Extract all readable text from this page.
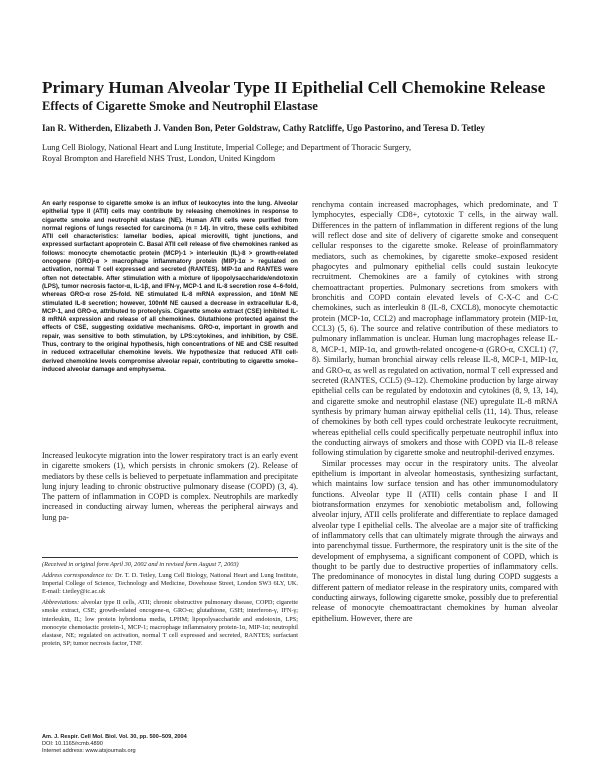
Primary Human Alveolar Type II Epithelial Cell Chemokine Release
Effects of Cigarette Smoke and Neutrophil Elastase

Ian R. Witherden, Elizabeth J. Vanden Bon, Peter Goldstraw, Cathy Ratcliffe, Ugo Pastorino, and Teresa D. Tetley

Lung Cell Biology, National Heart and Lung Institute, Imperial College; and Department of Thoracic Surgery,
Royal Brompton and Harefield NHS Trust, London, United Kingdom

An early response to cigarette smoke is an influx of leukocytes into the lung. Alveolar epithelial type II (ATII) cells may contribute by releasing chemokines in response to cigarette smoke and neutrophil elastase (NE). Human ATII cells were purified from normal regions of lungs resected for carcinoma (n = 14). In vitro, these cells exhibited ATII cell characteristics: lamellar bodies, apical microvilli, tight junctions, and expressed surfactant apoprotein C. Basal ATII cell release of five chemokines ranked as follows: monocyte chemotactic protein (MCP)-1 > interleukin (IL)-8 > growth-related oncogene (GRO)-α > macrophage inflammatory protein (MIP)-1α > regulated on activation, normal T cell expressed and secreted (RANTES). MIP-1α and RANTES were often not detectable. After stimulation with a mixture of lipopolysaccharide/endotoxin (LPS), tumor necrosis factor-α, IL-1β, and IFN-γ, MCP-1 and IL-8 secretion rose 4–6-fold, whereas GRO-α rose 25-fold. NE stimulated IL-8 mRNA expression, and 10nM NE stimulated IL-8 secretion; however, 100nM NE caused a decrease in extracellular IL-8, MCP-1, and GRO-α, attributed to proteolysis. Cigarette smoke extract (CSE) inhibited IL-8 mRNA expression and release of all chemokines. Glutathione protected against the effects of CSE, suggesting oxidative mechanisms. GRO-α, important in growth and repair, was sensitive to both stimulation, by LPS:cytokines, and inhibition, by CSE. Thus, contrary to the original hypothesis, high concentrations of NE and CSE resulted in reduced extracellular chemokine levels. We hypothesize that reduced ATII cell-derived chemokine levels compromise alveolar repair, contributing to cigarette smoke–induced alveolar damage and emphysema.

Increased leukocyte migration into the lower respiratory tract is an early event in cigarette smokers (1), which persists in chronic smokers (2). Release of mediators by these cells is believed to perpetuate inflammation and precipitate lung injury leading to chronic obstructive pulmonary disease (COPD) (3, 4). The pattern of inflammation in COPD is complex. Neutrophils are markedly increased in conducting airway lumen, whereas the peripheral airways and lung pa-

(Received in original form April 30, 2002 and in revised form August 7, 2003)

Address correspondence to: Dr. T. D. Tetley, Lung Cell Biology, National Heart and Lung Institute, Imperial College of Science, Technology and Medicine, Dovehouse Street, London SW3 6LY, UK. E-mail: t.tetley@ic.ac.uk

Abbreviations: alveolar type II cells, ATII; chronic obstructive pulmonary disease, COPD; cigarette smoke extract, CSE; growth-related oncogene-α, GRO-α; glutathione, GSH; interferon-γ, IFN-γ; interleukin, IL; low protein hybridoma media, LPHM; lipopolysaccharide and endotoxin, LPS; monocyte chemotactic protein-1, MCP-1; macrophage inflammatory protein-1α, MIP-1α; neutrophil elastase, NE; regulated on activation, normal T cell expressed and secreted, RANTES; surfactant protein, SP; tumor necrosis factor, TNF.

Am. J. Respir. Cell Mol. Biol. Vol. 30, pp. 500–509, 2004
DOI: 10.1165/rcmb.4890
Internet address: www.atsjournals.org

renchyma contain increased macrophages, which predominate, and T lymphocytes, especially CD8+, cytotoxic T cells, in the airway wall. Differences in the pattern of inflammation in different regions of the lung will reflect dose and site of delivery of cigarette smoke and consequent cellular responses to the cigarette smoke. Release of proinflammatory mediators, such as chemokines, by cigarette smoke–exposed resident phagocytes and pulmonary epithelial cells could sustain leukocyte recruitment. Chemokines are a family of cytokines with strong chemoattractant properties. Pulmonary secretions from smokers with bronchitis and COPD contain elevated levels of C-X-C and C-C chemokines, such as interleukin 8 (IL-8, CXCL8), monocyte chemotactic protein (MCP-1α, CCL2) and macrophage inflammatory protein (MIP-1α, CCL3) (5, 6). The source and relative contribution of these mediators to pulmonary inflammation is unclear. Human lung macrophages release IL-8, MCP-1, MIP-1α, and growth-related oncogene-α (GRO-α, CXCL1) (7, 8). Similarly, human bronchial airway cells release IL-8, MCP-1, MIP-1α, and GRO-α, as well as regulated on activation, normal T cell expressed and secreted (RANTES, CCL5) (9–12). Chemokine production by large airway epithelial cells can be regulated by endotoxin and cytokines (8, 9, 13, 14), and cigarette smoke and neutrophil elastase (NE) upregulate IL-8 mRNA synthesis by primary human airway epithelial cells (11, 14). Thus, release of chemokines by both cell types could orchestrate leukocyte recruitment, whereas epithelial cells could specifically perpetuate neutrophil influx into the conducting airways of smokers and those with COPD via IL-8 release following stimulation by cigarette smoke and neutrophil-derived enzymes.

Similar processes may occur in the respiratory units. The alveolar epithelium is important in alveolar homeostasis, synthesizing surfactant, which maintains low surface tension and has other immunomodulatory functions. Alveolar type II (ATII) cells contain phase I and II biotransformation enzymes for xenobiotic metabolism and, following alveolar injury, ATII cells proliferate and differentiate to replace damaged alveolar type I epithelial cells. The alveolae are a major site of trafficking of inflammatory cells that can ultimately migrate through the airways and into parenchymal tissue. Furthermore, the respiratory unit is the site of the development of emphysema, a significant component of COPD, which is thought to be partly due to destructive properties of inflammatory cells. The predominance of monocytes in distal lung during COPD suggests a different pattern of mediator release in the respiratory units, compared with conducting airways, following cigarette smoke, possibly due to preferential release of monocyte chemoattractant chemokines by human alveolar epithelium. However, there are
